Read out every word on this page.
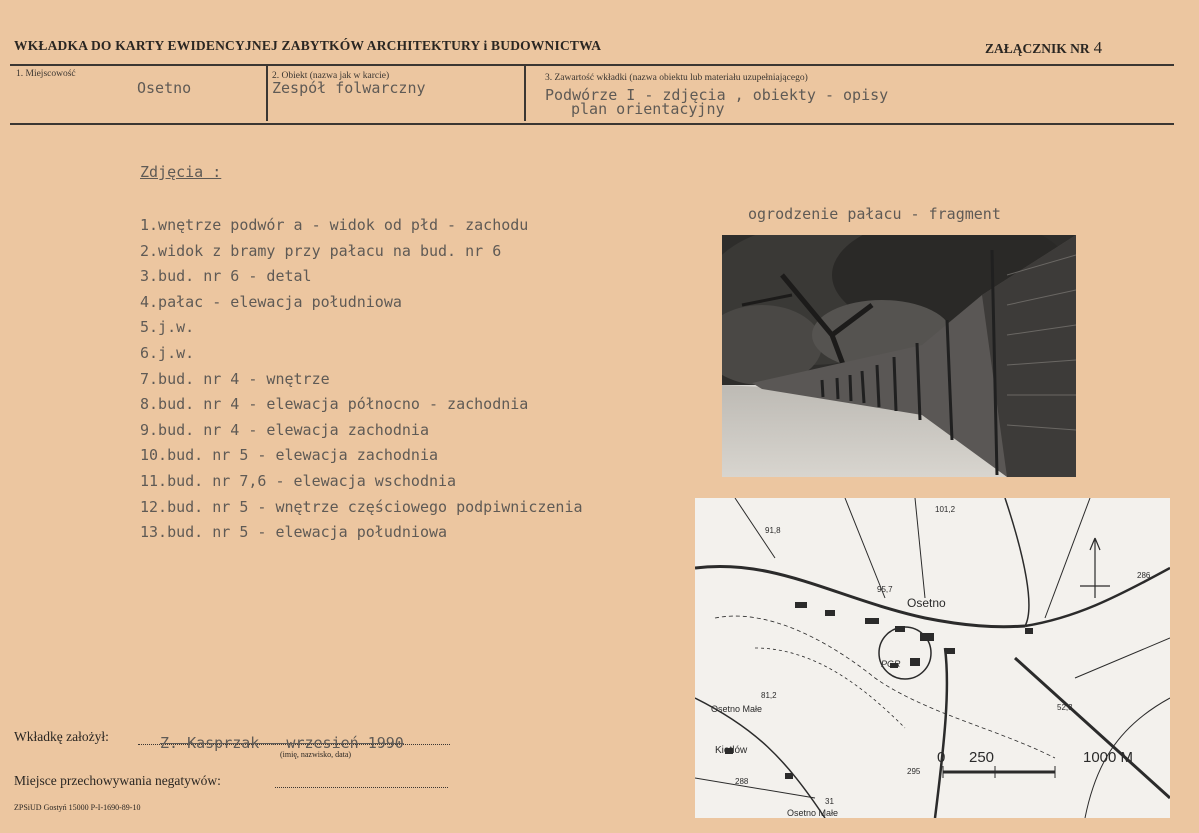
WKŁADKA DO KARTY EWIDENCYJNEJ ZABYTKÓW ARCHITEKTURY i BUDOWNICTWA	ZAŁĄCZNIK NR 4
1. Miejscowość
Osetno
2. Obiekt (nazwa jak w karcie)
Zespół folwarczny
3. Zawartość wkładki (nazwa obiektu lub materiału uzupełniającego)
Podwórze I - zdjęcia , obiekty - opisy
plan orientacyjny
Zdjęcia :
1.wnętrze podwór a - widok od płd - zachodu
2.widok z bramy przy pałacu na bud. nr 6
3.bud. nr 6 - detal
4.pałac - elewacja południowa
5.j.w.
6.j.w.
7.bud. nr 4 - wnętrze
8.bud. nr 4 - elewacja północno - zachodnia
9.bud. nr 4 - elewacja zachodnia
10.bud. nr 5 - elewacja zachodnia
11.bud. nr 7,6 - elewacja wschodnia
12.bud. nr 5 - wnętrze częściowego podpiwniczenia
13.bud. nr 5 - elewacja południowa
ogrodzenie pałacu - fragment
Osetno
PGR
Osetno Małe
Osetno Małe
Kietlów
91,8
101,2
95,7
81,2
52,3
286
288
295
31
0 250	1000 M
Wkładkę założył:	Z. Kasprzak - wrzesień 1990
(imię, nazwisko, data)
Miejsce przechowywania negatywów:
ZPSiUD Gostyń 15000 P-I-1690-89-10
